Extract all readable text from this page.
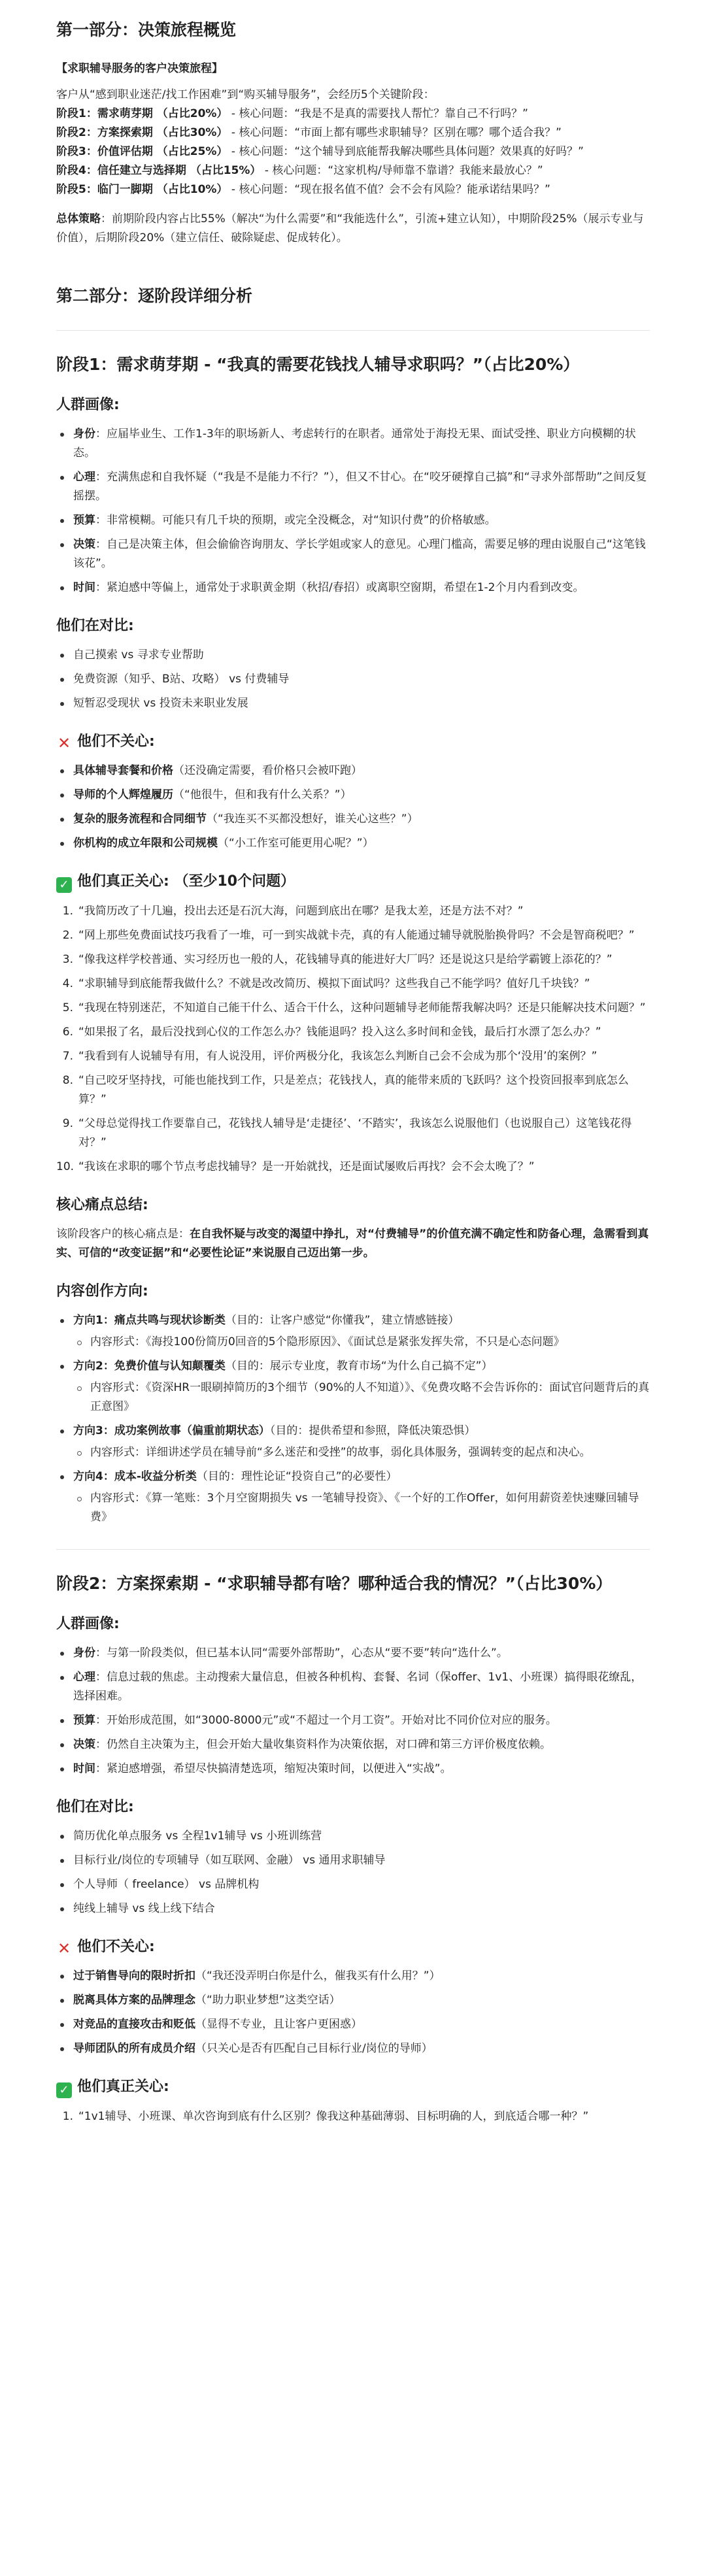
第一部分：决策旅程概览
【求职辅导服务的客户决策旅程】

客户从“感到职业迷茫/找工作困难”到“购买辅导服务”，会经历5个关键阶段：

阶段1：需求萌芽期 （占比20%） - 核心问题：“我是不是真的需要找人帮忙？靠自己不行吗？”

阶段2：方案探索期 （占比30%） - 核心问题：“市面上都有哪些求职辅导？区别在哪？哪个适合我？”

阶段3：价值评估期 （占比25%） - 核心问题：“这个辅导到底能帮我解决哪些具体问题？效果真的好吗？”

阶段4：信任建立与选择期 （占比15%） - 核心问题：“这家机构/导师靠不靠谱？我能来最放心？”

阶段5：临门一脚期 （占比10%） - 核心问题：“现在报名值不值？会不会有风险？能承诺结果吗？”

总体策略：前期阶段内容占比55%（解决“为什么需要”和“我能选什么”，引流+建立认知），中期阶段25%（展示专业与价值），后期阶段20%（建立信任、破除疑虑、促成转化）。

第二部分：逐阶段详细分析
阶段1：需求萌芽期 - “我真的需要花钱找人辅导求职吗？”（占比20%）
人群画像:
身份：应届毕业生、工作1-3年的职场新人、考虑转行的在职者。通常处于海投无果、面试受挫、职业方向模糊的状态。
心理：充满焦虑和自我怀疑（“我是不是能力不行？”），但又不甘心。在“咬牙硬撑自己搞”和“寻求外部帮助”之间反复摇摆。
预算：非常模糊。可能只有几千块的预期，或完全没概念，对“知识付费”的价格敏感。
决策：自己是决策主体，但会偷偷咨询朋友、学长学姐或家人的意见。心理门槛高，需要足够的理由说服自己“这笔钱该花”。
时间：紧迫感中等偏上，通常处于求职黄金期（秋招/春招）或离职空窗期，希望在1-2个月内看到改变。
他们在对比:
自己摸索 vs 寻求专业帮助
免费资源（知乎、B站、攻略） vs 付费辅导
短暂忍受现状 vs 投资未来职业发展
✕ 他们不关心:
具体辅导套餐和价格（还没确定需要，看价格只会被吓跑）
导师的个人辉煌履历（“他很牛，但和我有什么关系？”）
复杂的服务流程和合同细节（“我连买不买都没想好，谁关心这些？”）
你机构的成立年限和公司规模（“小工作室可能更用心呢？”）
✓ 他们真正关心: （至少10个问题）
1. “我简历改了十几遍，投出去还是石沉大海，问题到底出在哪？是我太差，还是方法不对？”
2. “网上那些免费面试技巧我看了一堆，可一到实战就卡壳，真的有人能通过辅导就脱胎换骨吗？不会是智商税吧？”
3. “像我这样学校普通、实习经历也一般的人，花钱辅导真的能进好大厂吗？还是说这只是给学霸镀上添花的？”
4. “求职辅导到底能帮我做什么？不就是改改简历、模拟下面试吗？这些我自己不能学吗？值好几千块钱？”
5. “我现在特别迷茫，不知道自己能干什么、适合干什么，这种问题辅导老师能帮我解决吗？还是只能解决技术问题？”
6. “如果报了名，最后没找到心仪的工作怎么办？钱能退吗？投入这么多时间和金钱，最后打水漂了怎么办？”
7. “我看到有人说辅导有用，有人说没用，评价两极分化，我该怎么判断自己会不会成为那个‘没用’的案例？”
8. “自己咬牙坚持找，可能也能找到工作，只是差点；花钱找人，真的能带来质的飞跃吗？这个投资回报率到底怎么算？”
9. “父母总觉得找工作要靠自己，花钱找人辅导是‘走捷径’、‘不踏实’，我该怎么说服他们（也说服自己）这笔钱花得对？”
10. “我该在求职的哪个节点考虑找辅导？是一开始就找，还是面试屡败后再找？会不会太晚了？”
核心痛点总结:

该阶段客户的核心痛点是：在自我怀疑与改变的渴望中挣扎，对“付费辅导”的价值充满不确定性和防备心理，急需看到真实、可信的“改变证据”和“必要性论证”来说服自己迈出第一步。

内容创作方向:
方向1：痛点共鸣与现状诊断类（目的：让客户感觉“你懂我”，建立情感链接）
内容形式：《海投100份简历0回音的5个隐形原因》、《面试总是紧张发挥失常，不只是心态问题》
方向2：免费价值与认知颠覆类（目的：展示专业度，教育市场“为什么自己搞不定”）
内容形式：《资深HR一眼刷掉简历的3个细节（90%的人不知道）》、《免费攻略不会告诉你的：面试官问题背后的真正意图》
方向3：成功案例故事（偏重前期状态）（目的：提供希望和参照，降低决策恐惧）
内容形式：详细讲述学员在辅导前“多么迷茫和受挫”的故事，弱化具体服务，强调转变的起点和决心。
方向4：成本-收益分析类（目的：理性论证“投资自己”的必要性）
内容形式：《算一笔账：3个月空窗期损失 vs 一笔辅导投资》、《一个好的工作Offer，如何用薪资差快速赚回辅导费》
阶段2：方案探索期 - “求职辅导都有啥？哪种适合我的情况？”（占比30%）
人群画像:
身份：与第一阶段类似，但已基本认同“需要外部帮助”，心态从“要不要”转向“选什么”。
心理：信息过载的焦虑。主动搜索大量信息，但被各种机构、套餐、名词（保offer、1v1、小班课）搞得眼花缭乱，选择困难。
预算：开始形成范围，如“3000-8000元”或“不超过一个月工资”。开始对比不同价位对应的服务。
决策：仍然自主决策为主，但会开始大量收集资料作为决策依据，对口碑和第三方评价极度依赖。
时间：紧迫感增强，希望尽快搞清楚选项，缩短决策时间，以便进入“实战”。
他们在对比:
简历优化单点服务 vs 全程1v1辅导 vs 小班训练营
目标行业/岗位的专项辅导（如互联网、金融） vs 通用求职辅导
个人导师（ freelance） vs 品牌机构
纯线上辅导 vs 线上线下结合
✕ 他们不关心:
过于销售导向的限时折扣（“我还没弄明白你是什么，催我买有什么用？”）
脱离具体方案的品牌理念（“助力职业梦想”这类空话）
对竞品的直接攻击和贬低（显得不专业，且让客户更困惑）
导师团队的所有成员介绍（只关心是否有匹配自己目标行业/岗位的导师）
✓ 他们真正关心:
1. “1v1辅导、小班课、单次咨询到底有什么区别？像我这种基础薄弱、目标明确的人，到底适合哪一种？”
